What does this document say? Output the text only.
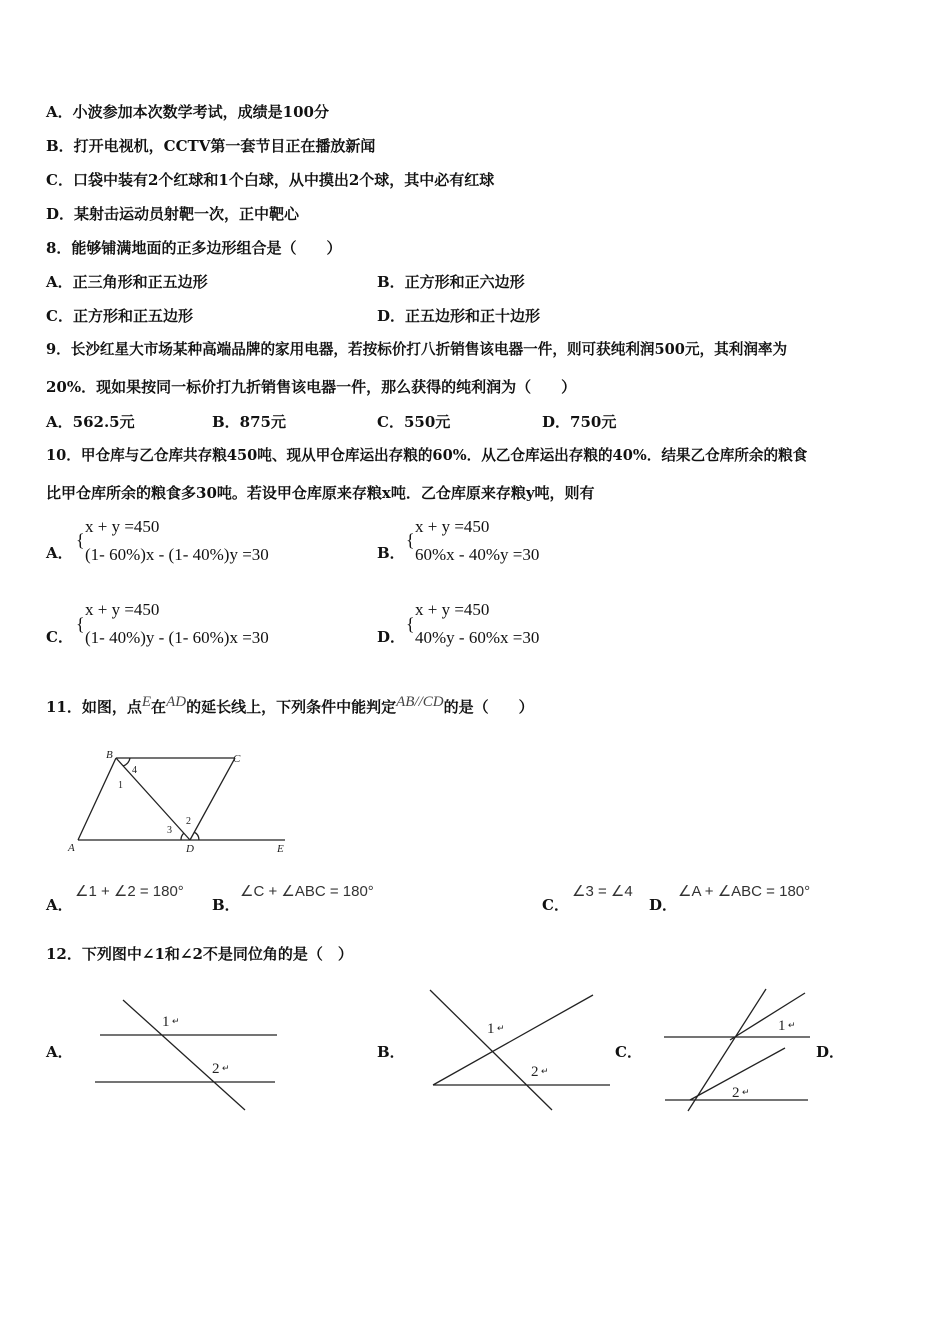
A．小波参加本次数学考试，成绩是100分
B．打开电视机，CCTV第一套节目正在播放新闻
C．口袋中装有2个红球和1个白球，从中摸出2个球，其中必有红球
D．某射击运动员射靶一次，正中靶心
8．能够铺满地面的正多边形组合是（　　）
A．正三角形和正五边形	B．正方形和正六边形
C．正方形和正五边形	D．正五边形和正十边形
9．长沙红星大市场某种高端品牌的家用电器，若按标价打八折销售该电器一件，则可获纯利润500元，其利润率为
20%．现如果按同一标价打九折销售该电器一件，那么获得的纯利润为（　　）
A．562.5元	B．875元	C．550元	D．750元
10．甲仓库与乙仓库共存粮450吨、现从甲仓库运出存粮的60%．从乙仓库运出存粮的40%．结果乙仓库所余的粮食
比甲仓库所余的粮食多30吨。若设甲仓库原来存粮x吨．乙仓库原来存粮y吨，则有
A．
{
x + y =450
(1- 60%)x - (1- 40%)y =30	B．
{
x + y =450
60%x - 40%y =30
C．
{
x + y =450
(1- 40%)y - (1- 60%)x =30	D．
{
x + y =450
40%y - 60%x =30
11．如图，点E在AD的延长线上，下列条件中能判定AB//CD的是（　　）
B	C
A	D	E
1
2
3
4
A．
∠1 + ∠2 = 180°
B．
∠C + ∠ABC = 180°
C．
∠3 = ∠4
D．
∠A + ∠ABC = 180°
12．下列图中∠1和∠2不是同位角的是（　）
A．
1 ↵
2 ↵
B．
1 ↵
2 ↵
C．
1 ↵
2 ↵
D．
